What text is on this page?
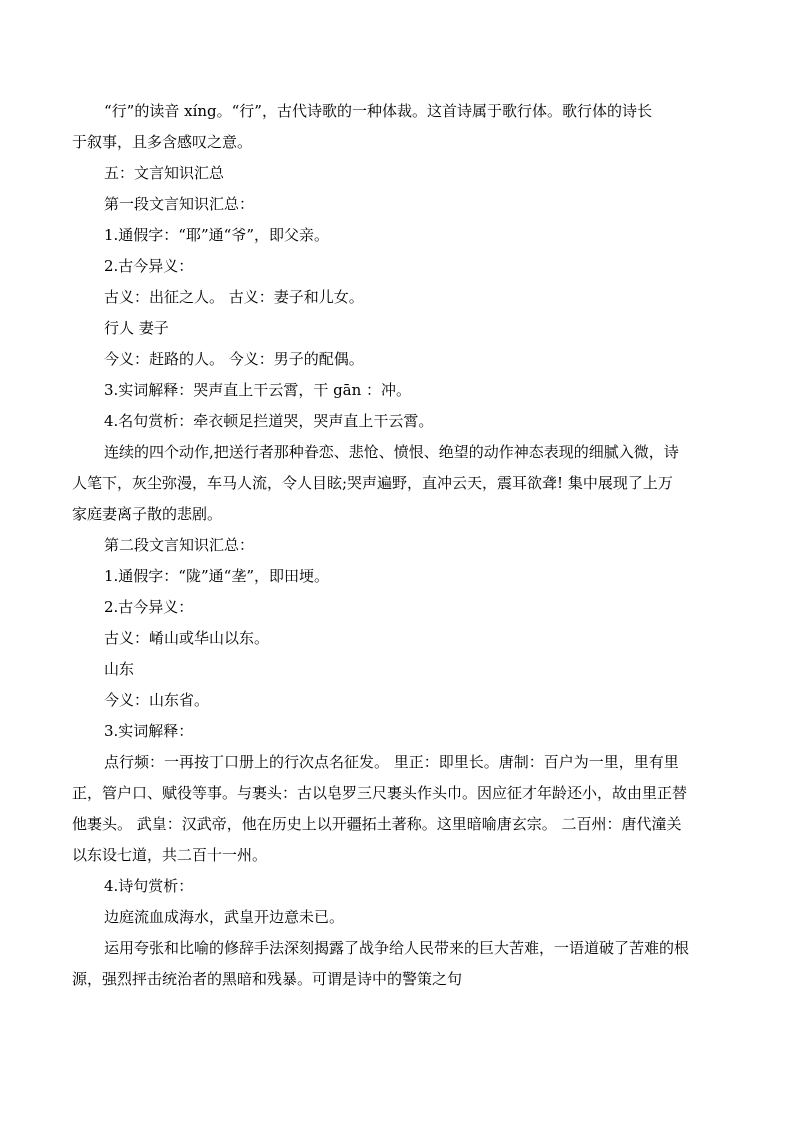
“行”的读音 xíng。“行”，古代诗歌的一种体裁。这首诗属于歌行体。歌行体的诗长

于叙事，且多含感叹之意。

五：文言知识汇总

第一段文言知识汇总：

1.通假字：“耶”通“爷”，即父亲。

2.古今异义：

古义：出征之人。 古义：妻子和儿女。

行人 妻子

今义：赶路的人。 今义：男子的配偶。

3.实词解释：哭声直上干云霄，干 gān ：冲。

4.名句赏析：牵衣顿足拦道哭，哭声直上干云霄。

连续的四个动作,把送行者那种眷恋、悲怆、愤恨、绝望的动作神态表现的细腻入微，诗

人笔下，灰尘弥漫，车马人流，令人目眩;哭声遍野，直冲云天，震耳欲聋! 集中展现了上万

家庭妻离子散的悲剧。

第二段文言知识汇总：

1.通假字：“陇”通“垄”，即田埂。

2.古今异义：

古义：崤山或华山以东。

山东

今义：山东省。

3.实词解释：

点行频：一再按丁口册上的行次点名征发。 里正：即里长。唐制：百户为一里，里有里

正，管户口、赋役等事。与裹头：古以皂罗三尺裹头作头巾。因应征才年龄还小，故由里正替

他裹头。 武皇：汉武帝，他在历史上以开疆拓土著称。这里暗喻唐玄宗。 二百州：唐代潼关

以东设七道，共二百十一州。

4.诗句赏析：

边庭流血成海水，武皇开边意未已。

运用夸张和比喻的修辞手法深刻揭露了战争给人民带来的巨大苦难，一语道破了苦难的根

源，强烈抨击统治者的黑暗和残暴。可谓是诗中的警策之句
